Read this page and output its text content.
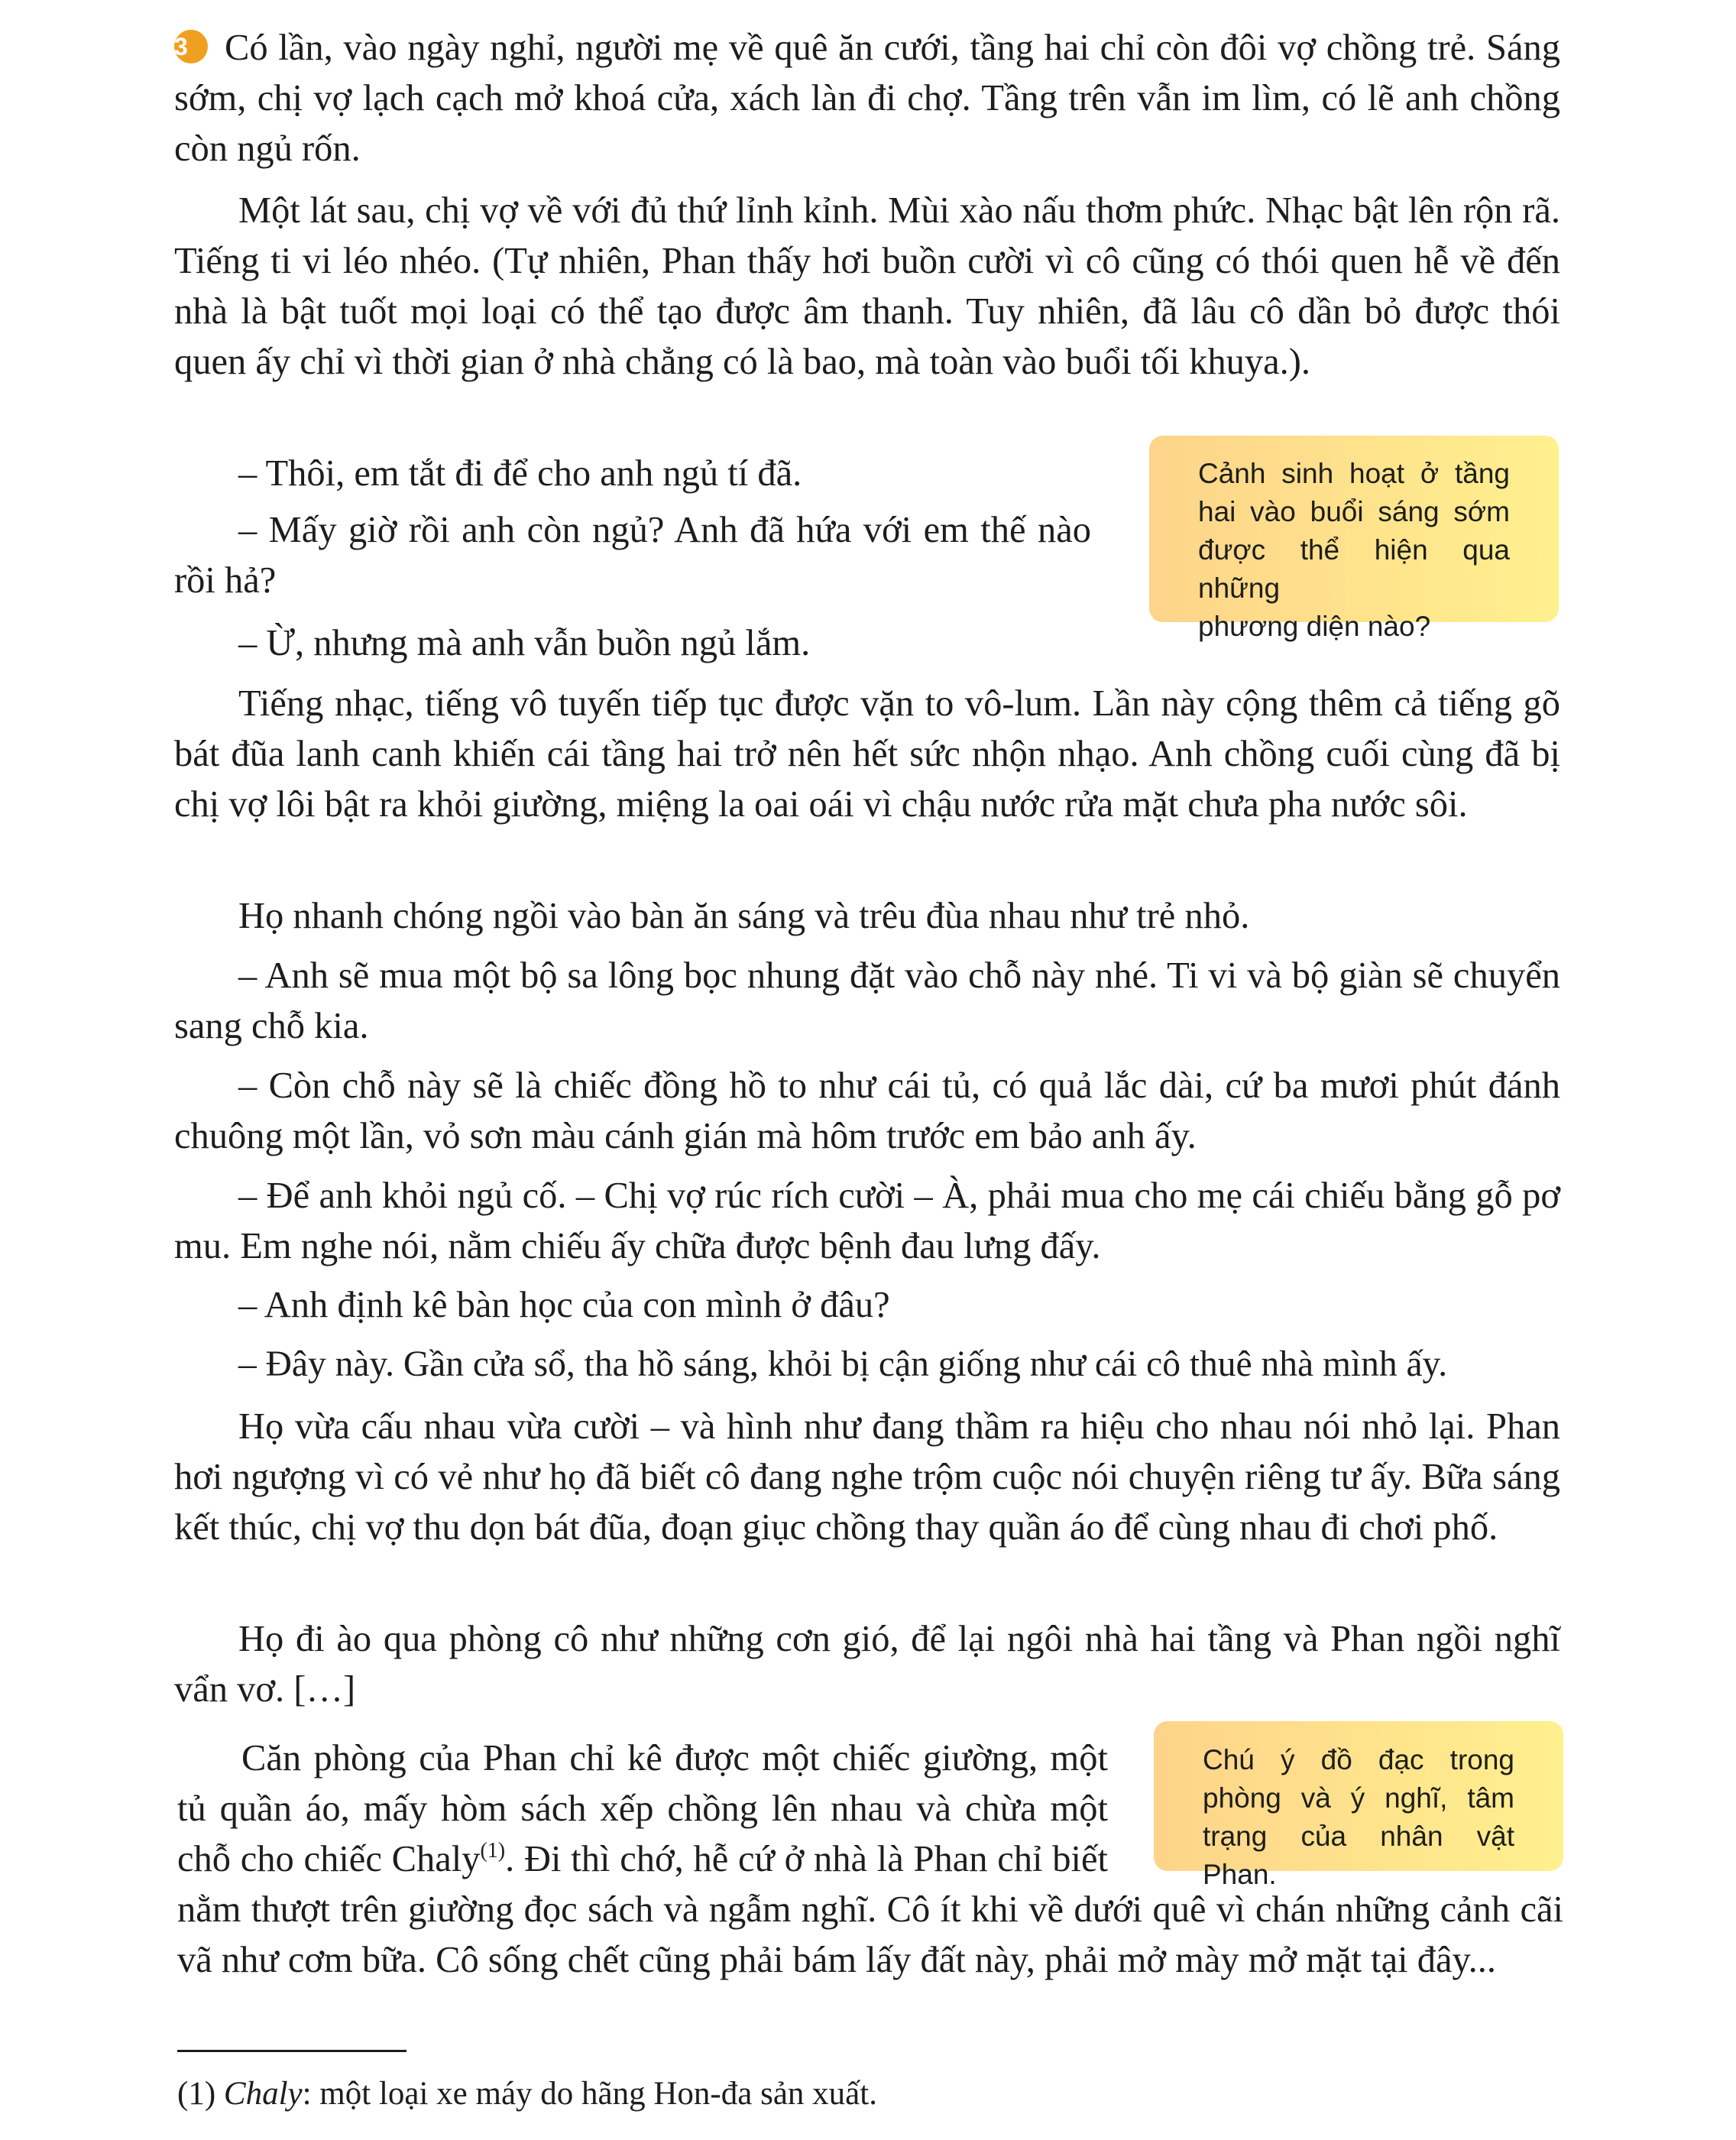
3 Có lần, vào ngày nghỉ, người mẹ về quê ăn cưới, tầng hai chỉ còn đôi vợ chồng trẻ. Sáng sớm, chị vợ lạch cạch mở khoá cửa, xách làn đi chợ. Tầng trên vẫn im lìm, có lẽ anh chồng còn ngủ rốn.

Một lát sau, chị vợ về với đủ thứ lỉnh kỉnh. Mùi xào nấu thơm phức. Nhạc bật lên rộn rã. Tiếng ti vi léo nhéo. (Tự nhiên, Phan thấy hơi buồn cười vì cô cũng có thói quen hễ về đến nhà là bật tuốt mọi loại có thể tạo được âm thanh. Tuy nhiên, đã lâu cô dần bỏ được thói quen ấy chỉ vì thời gian ở nhà chẳng có là bao, mà toàn vào buổi tối khuya.).

– Thôi, em tắt đi để cho anh ngủ tí đã.

– Mấy giờ rồi anh còn ngủ? Anh đã hứa với em thế nào rồi hả?

Cảnh sinh hoạt ở tầng
hai vào buổi sáng sớm
được thể hiện qua những
phương diện nào?

– Ừ, nhưng mà anh vẫn buồn ngủ lắm.

Tiếng nhạc, tiếng vô tuyến tiếp tục được vặn to vô-lum. Lần này cộng thêm cả tiếng gõ bát đũa lanh canh khiến cái tầng hai trở nên hết sức nhộn nhạo. Anh chồng cuối cùng đã bị chị vợ lôi bật ra khỏi giường, miệng la oai oái vì chậu nước rửa mặt chưa pha nước sôi.

Họ nhanh chóng ngồi vào bàn ăn sáng và trêu đùa nhau như trẻ nhỏ.

– Anh sẽ mua một bộ sa lông bọc nhung đặt vào chỗ này nhé. Ti vi và bộ giàn sẽ chuyển sang chỗ kia.

– Còn chỗ này sẽ là chiếc đồng hồ to như cái tủ, có quả lắc dài, cứ ba mươi phút đánh chuông một lần, vỏ sơn màu cánh gián mà hôm trước em bảo anh ấy.

– Để anh khỏi ngủ cố. – Chị vợ rúc rích cười – À, phải mua cho mẹ cái chiếu bằng gỗ pơ mu. Em nghe nói, nằm chiếu ấy chữa được bệnh đau lưng đấy.

– Anh định kê bàn học của con mình ở đâu?

– Đây này. Gần cửa sổ, tha hồ sáng, khỏi bị cận giống như cái cô thuê nhà mình ấy.

Họ vừa cấu nhau vừa cười – và hình như đang thầm ra hiệu cho nhau nói nhỏ lại. Phan hơi ngượng vì có vẻ như họ đã biết cô đang nghe trộm cuộc nói chuyện riêng tư ấy. Bữa sáng kết thúc, chị vợ thu dọn bát đũa, đoạn giục chồng thay quần áo để cùng nhau đi chơi phố.

Họ đi ào qua phòng cô như những cơn gió, để lại ngôi nhà hai tầng và Phan ngồi nghĩ vẩn vơ. […]

Chú ý đồ đạc trong
phòng và ý nghĩ, tâm
trạng của nhân vật Phan.

Căn phòng của Phan chỉ kê được một chiếc giường, một tủ quần áo, mấy hòm sách xếp chồng lên nhau và chừa một chỗ cho chiếc Chaly$^{(1)}$. Đi thì chớ, hễ cứ ở nhà là Phan chỉ biết nằm thượt trên giường đọc sách và ngẫm nghĩ. Cô ít khi về dưới quê vì chán những cảnh cãi vã như cơm bữa. Cô sống chết cũng phải bám lấy đất này, phải mở mày mở mặt tại đây...

(1) Chaly: một loại xe máy do hãng Hon-đa sản xuất.
